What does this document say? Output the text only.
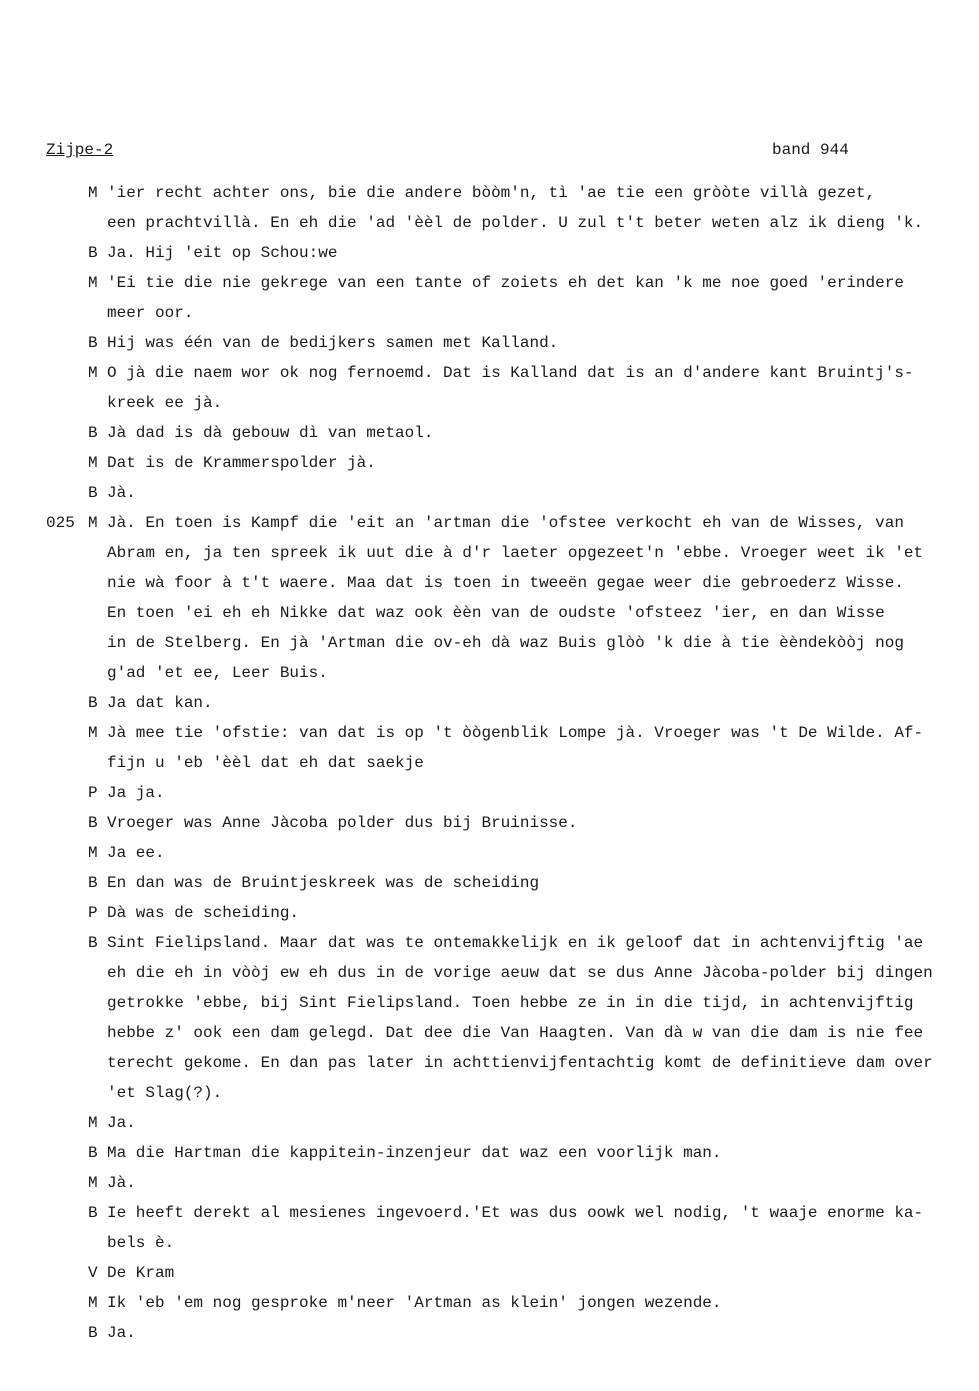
Zijpe-2	band 944
M 'ier recht achter ons, bie die andere bòòm'n, tì 'ae tie een gròòte villà gezet,
een prachtvillà. En eh die 'ad 'èèl de polder. U zul t't beter weten alz ik dieng 'k.
B Ja. Hij 'eit op Schou:we
M 'Ei tie die nie gekrege van een tante of zoiets eh det kan 'k me noe goed 'erindere
meer oor.
B Hij was één van de bedijkers samen met Kalland.
M O jà die naem wor ok nog fernoemd. Dat is Kalland dat is an d'andere kant Bruintj's-
kreek ee jà.
B Jà dad is dà gebouw dì van metaol.
M Dat is de Krammerspolder jà.
B Jà.
025 M Jà. En toen is Kampf die 'eit an 'artman die 'ofstee verkocht eh van de Wisses, van
Abram en, ja ten spreek ik uut die à d'r laeter opgezeet'n 'ebbe. Vroeger weet ik 'et
nie wà foor à t't waere. Maa dat is toen in tweeën gegae weer die gebroederz Wisse.
En toen 'ei eh eh Nikke dat waz ook èèn van de oudste 'ofsteez 'ier, en dan Wisse
in de Stelberg. En jà 'Artman die ov-eh dà waz Buis glòò 'k die à tie èèndekòòj nog
g'ad 'et ee, Leer Buis.
B Ja dat kan.
M Jà mee tie 'ofstie: van dat is op 't òògenblik Lompe jà. Vroeger was 't De Wilde. Af-
fijn u 'eb 'èèl dat eh dat saekje
P Ja ja.
B Vroeger was Anne Jàcoba polder dus bij Bruinisse.
M Ja ee.
B En dan was de Bruintjeskreek was de scheiding
P Dà was de scheiding.
B Sint Fielipsland. Maar dat was te ontemakkelijk en ik geloof dat in achtenvijftig 'ae
eh die eh in vòòj ew eh dus in de vorige aeuw dat se dus Anne Jàcoba-polder bij dingen
getrokke 'ebbe, bij Sint Fielipsland. Toen hebbe ze in in die tijd, in achtenvijftig
hebbe z' ook een dam gelegd. Dat dee die Van Haagten. Van dà w van die dam is nie fee
terecht gekome. En dan pas later in achttienvijfentachtig komt de definitieve dam over
'et Slag(?).
M Ja.
B Ma die Hartman die kappitein-inzenjeur dat waz een voorlijk man.
M Jà.
B Ie heeft derekt al mesienes ingevoerd.'Et was dus oowk wel nodig, 't waaje enorme ka-
bels è.
V De Kram
M Ik 'eb 'em nog gesproke m'neer 'Artman as klein' jongen wezende.
B Ja.
